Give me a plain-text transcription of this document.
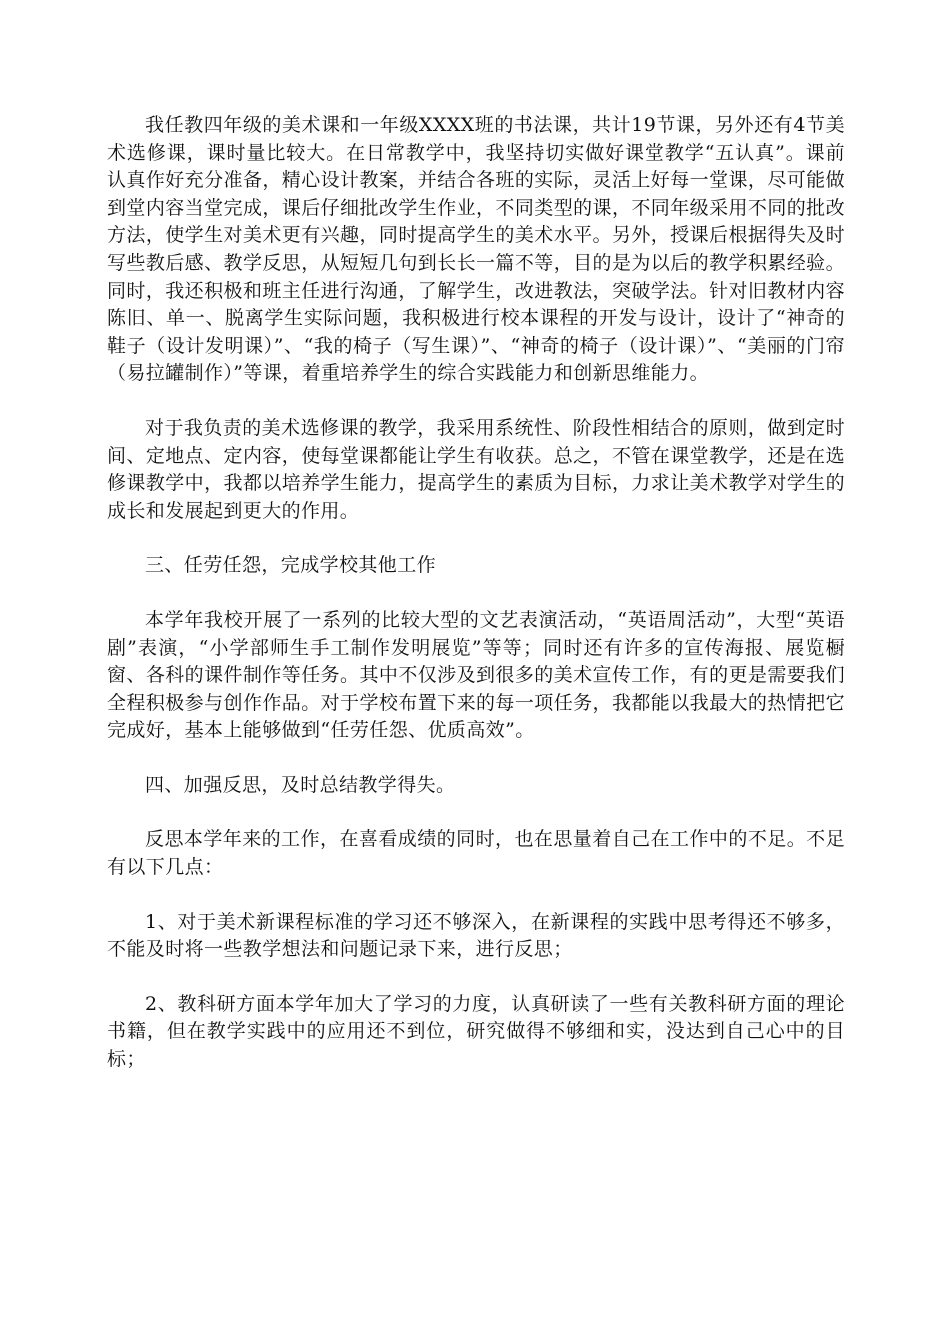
我任教四年级的美术课和一年级XXXX班的书法课，共计19节课，另外还有4节美术选修课，课时量比较大。在日常教学中，我坚持切实做好课堂教学“五认真”。课前认真作好充分准备，精心设计教案，并结合各班的实际，灵活上好每一堂课，尽可能做到堂内容当堂完成，课后仔细批改学生作业，不同类型的课，不同年级采用不同的批改方法，使学生对美术更有兴趣，同时提高学生的美术水平。另外，授课后根据得失及时写些教后感、教学反思，从短短几句到长长一篇不等，目的是为以后的教学积累经验。同时，我还积极和班主任进行沟通，了解学生，改进教法，突破学法。针对旧教材内容陈旧、单一、脱离学生实际问题，我积极进行校本课程的开发与设计，设计了“神奇的鞋子（设计发明课）”、“我的椅子（写生课）”、“神奇的椅子（设计课）”、“美丽的门帘（易拉罐制作）”等课，着重培养学生的综合实践能力和创新思维能力。

对于我负责的美术选修课的教学，我采用系统性、阶段性相结合的原则，做到定时间、定地点、定内容，使每堂课都能让学生有收获。总之，不管在课堂教学，还是在选修课教学中，我都以培养学生能力，提高学生的素质为目标，力求让美术教学对学生的成长和发展起到更大的作用。

三、任劳任怨，完成学校其他工作

本学年我校开展了一系列的比较大型的文艺表演活动，“英语周活动”，大型“英语剧”表演，“小学部师生手工制作发明展览”等等；同时还有许多的宣传海报、展览橱窗、各科的课件制作等任务。其中不仅涉及到很多的美术宣传工作，有的更是需要我们全程积极参与创作作品。对于学校布置下来的每一项任务，我都能以我最大的热情把它完成好，基本上能够做到“任劳任怨、优质高效”。

四、加强反思，及时总结教学得失。

反思本学年来的工作，在喜看成绩的同时，也在思量着自己在工作中的不足。不足有以下几点：

1、对于美术新课程标准的学习还不够深入，在新课程的实践中思考得还不够多，不能及时将一些教学想法和问题记录下来，进行反思；

2、教科研方面本学年加大了学习的力度，认真研读了一些有关教科研方面的理论书籍，但在教学实践中的应用还不到位，研究做得不够细和实，没达到自己心中的目标；
